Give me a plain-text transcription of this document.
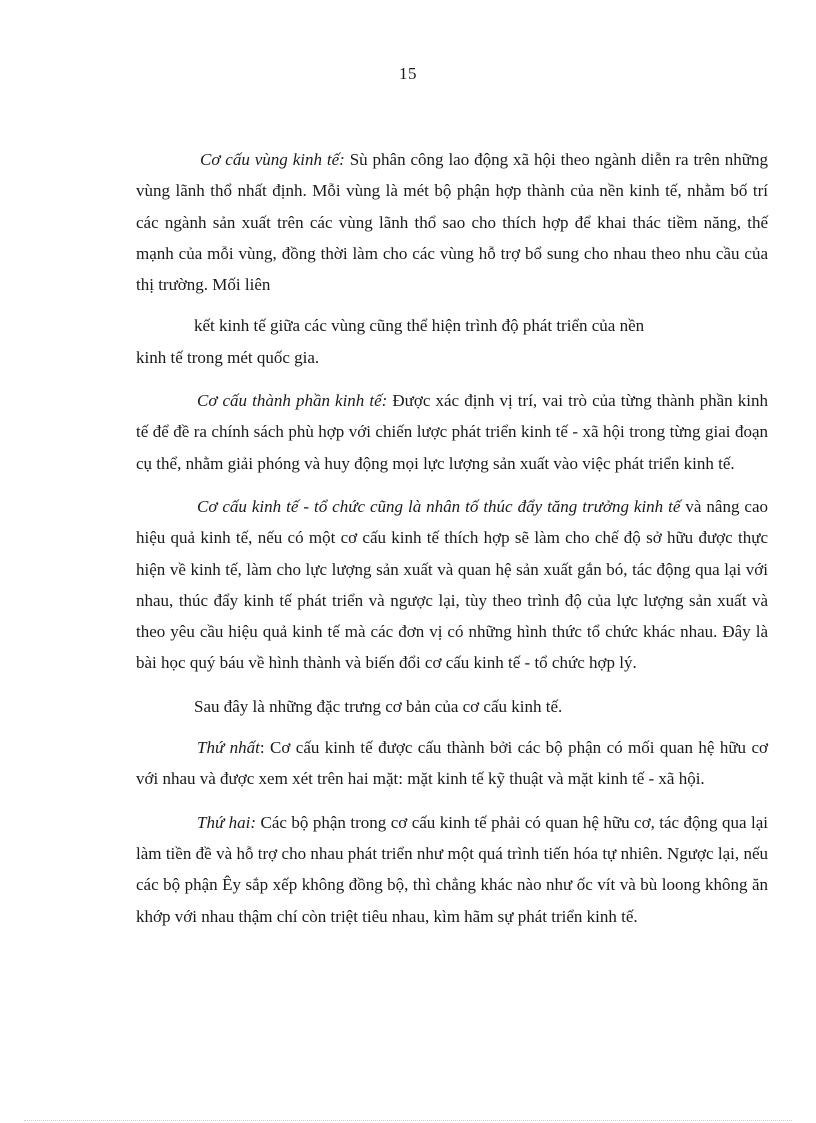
15

Cơ cấu vùng kinh tế: Sù phân công lao động xã hội theo ngành diễn ra trên những vùng lãnh thổ nhất định. Mỗi vùng là mét bộ phận hợp thành của nền kinh tế, nhằm bố trí các ngành sản xuất trên các vùng lãnh thổ sao cho thích hợp để khai thác tiềm năng, thế mạnh của mỗi vùng, đồng thời làm cho các vùng hỗ trợ bổ sung cho nhau theo nhu cầu của thị trường. Mối liên

kết kinh tế giữa các vùng cũng thể hiện trình độ phát triển của nền
kinh tế trong mét quốc gia.

Cơ cấu thành phần kinh tế: Được xác định vị trí, vai trò của từng thành phần kinh tế để đề ra chính sách phù hợp với chiến lược phát triển kinh tế - xã hội trong từng giai đoạn cụ thể, nhằm giải phóng và huy động mọi lực lượng sản xuất vào việc phát triển kinh tế.

Cơ cấu kinh tế - tổ chức cũng là nhân tố thúc đẩy tăng trưởng kinh tế và nâng cao hiệu quả kinh tế, nếu có một cơ cấu kinh tế thích hợp sẽ làm cho chế độ sở hữu được thực hiện về kinh tế, làm cho lực lượng sản xuất và quan hệ sản xuất gắn bó, tác động qua lại với nhau, thúc đẩy kinh tế phát triển và ngược lại, tùy theo trình độ của lực lượng sản xuất và theo yêu cầu hiệu quả kinh tế mà các đơn vị có những hình thức tổ chức khác nhau. Đây là bài học quý báu về hình thành và biến đổi cơ cấu kinh tế - tổ chức hợp lý.

Sau đây là những đặc trưng cơ bản của cơ cấu kinh tế.

Thứ nhất: Cơ cấu kinh tế được cấu thành bởi các bộ phận có mối quan hệ hữu cơ với nhau và được xem xét trên hai mặt: mặt kinh tế kỹ thuật và mặt kinh tế - xã hội.

Thứ hai: Các bộ phận trong cơ cấu kinh tế phải có quan hệ hữu cơ, tác động qua lại làm tiền đề và hỗ trợ cho nhau phát triển như một quá trình tiến hóa tự nhiên. Ngược lại, nếu các bộ phận Êy sắp xếp không đồng bộ, thì chẳng khác nào như ốc vít và bù loong không ăn khớp với nhau thậm chí còn triệt tiêu nhau, kìm hãm sự phát triển kinh tế.
